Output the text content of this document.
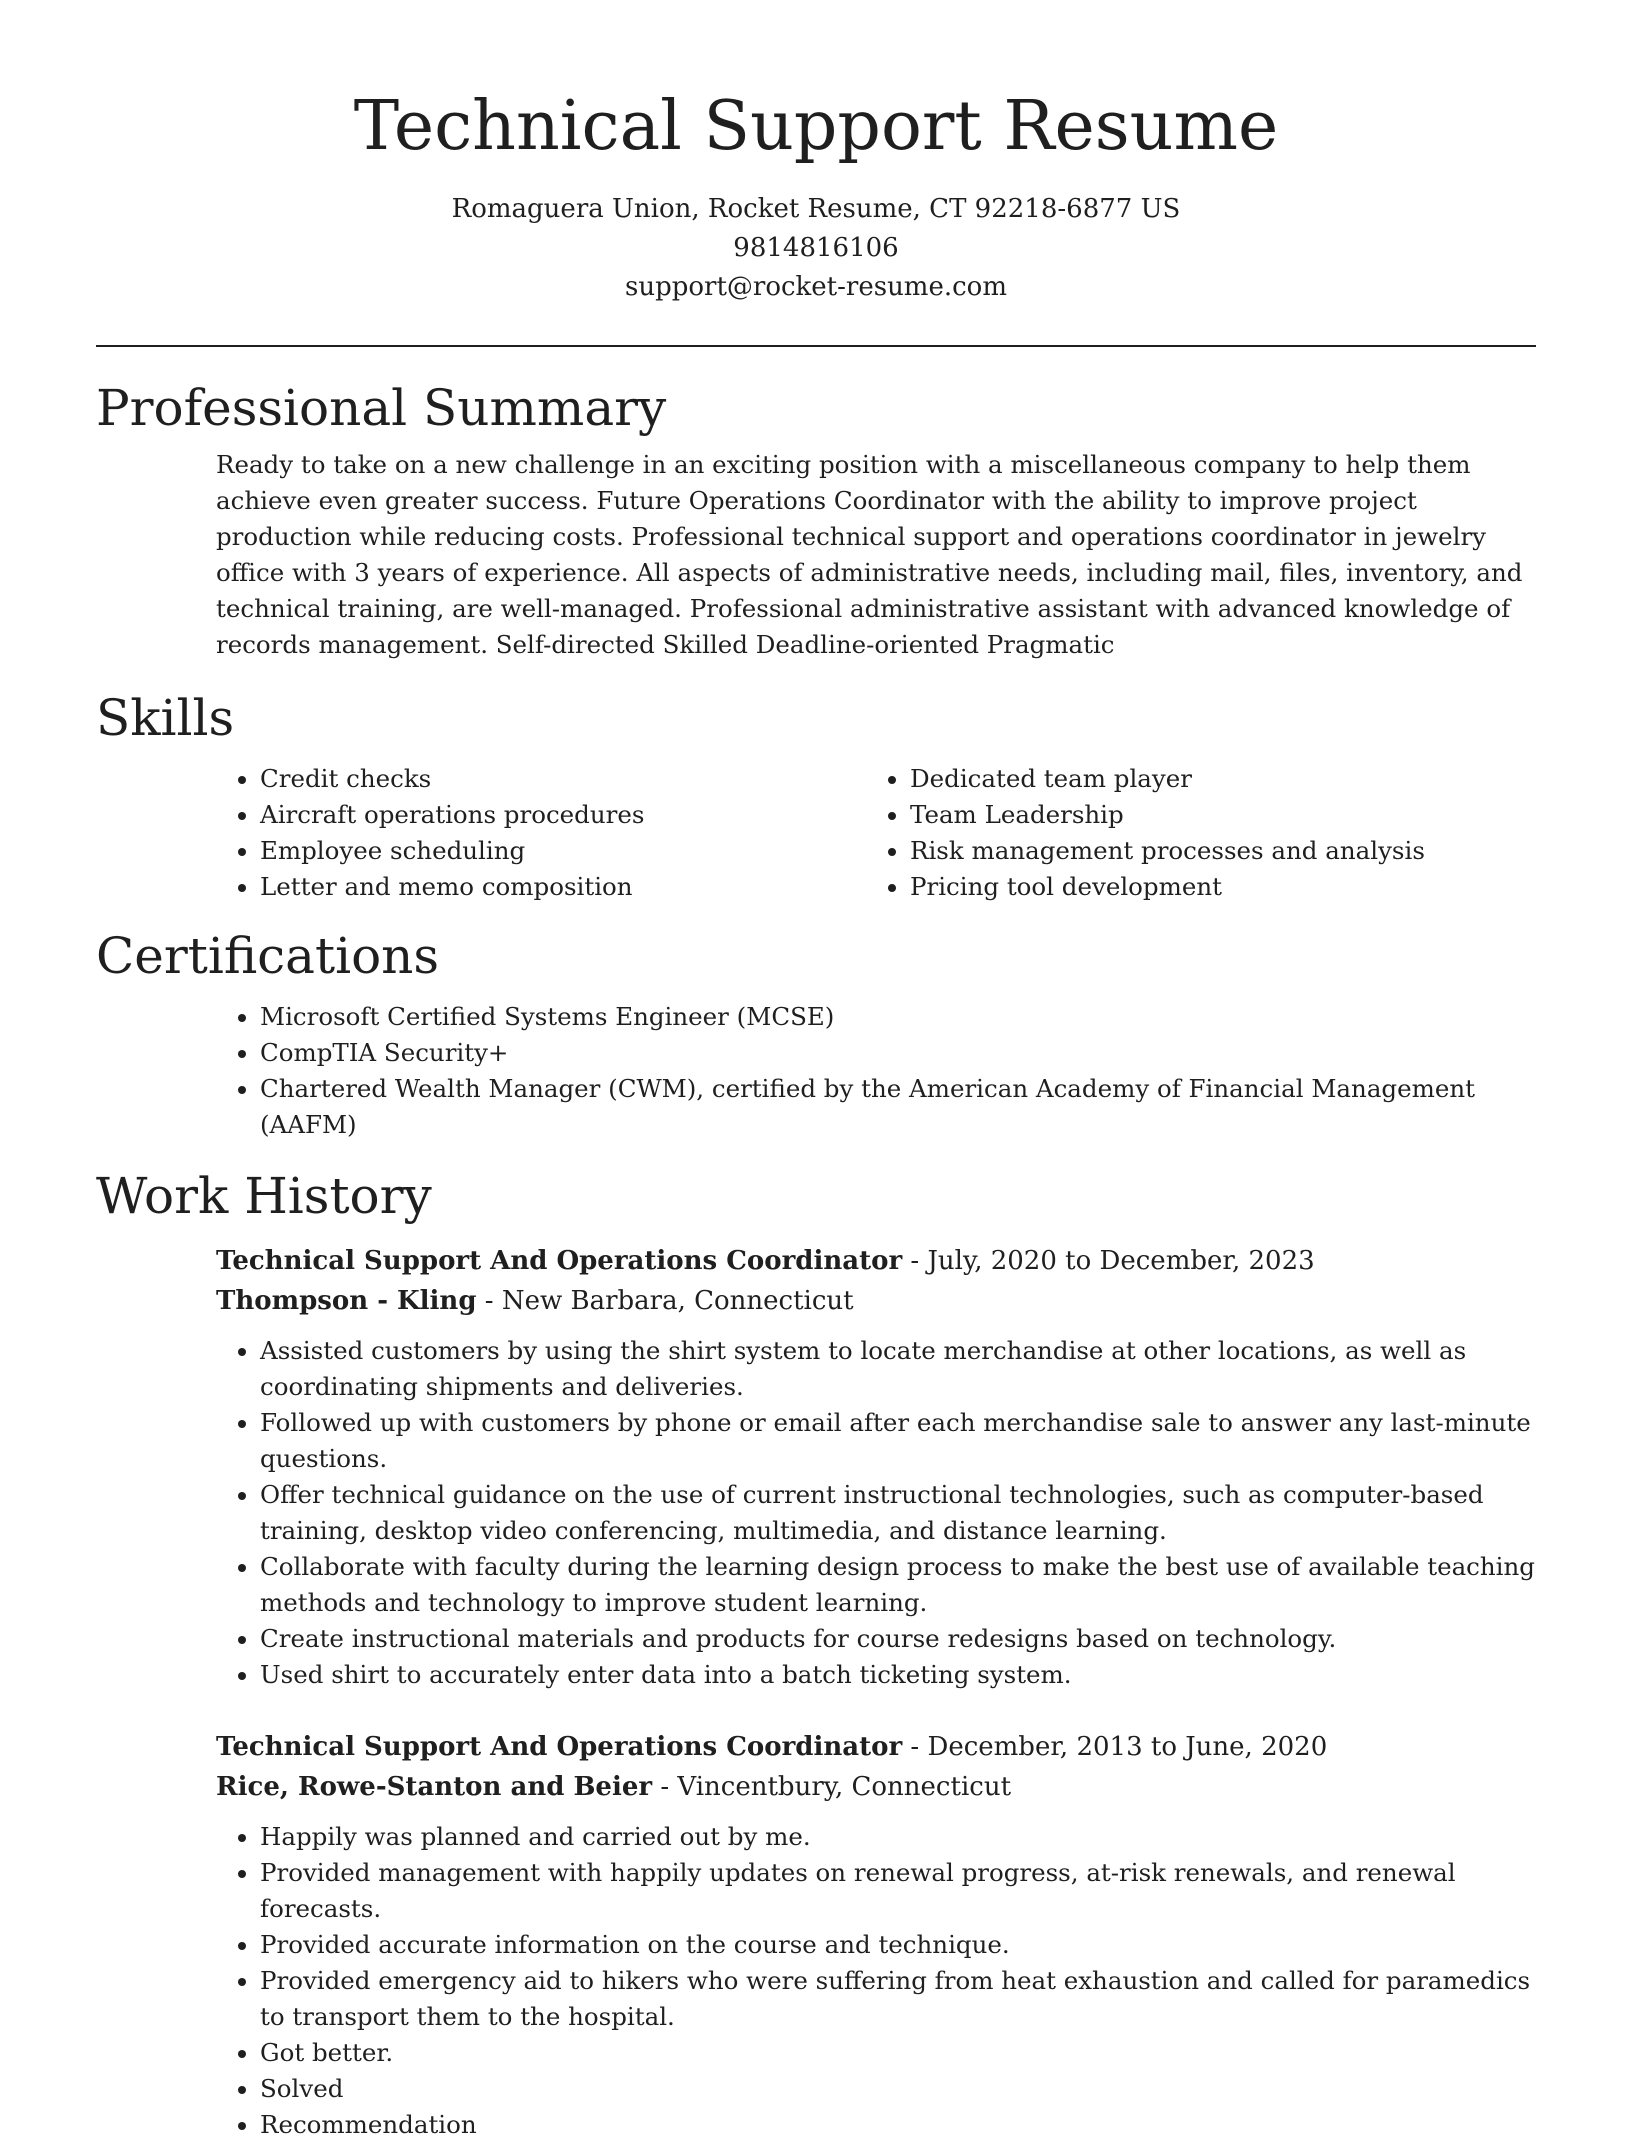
Technical Support Resume
Romaguera Union, Rocket Resume, CT 92218-6877 US
9814816106
support@rocket-resume.com
Professional Summary

Ready to take on a new challenge in an exciting position with a miscellaneous company to help them achieve even greater success. Future Operations Coordinator with the ability to improve project production while reducing costs. Professional technical support and operations coordinator in jewelry office with 3 years of experience. All aspects of administrative needs, including mail, files, inventory, and technical training, are well-managed. Professional administrative assistant with advanced knowledge of records management. Self-directed Skilled Deadline-oriented Pragmatic

Skills
• Credit checks
• Aircraft operations procedures
• Employee scheduling
• Letter and memo composition
• Dedicated team player
• Team Leadership
• Risk management processes and analysis
• Pricing tool development
Certifications
• Microsoft Certified Systems Engineer (MCSE)
• CompTIA Security+
• Chartered Wealth Manager (CWM), certified by the American Academy of Financial Management (AAFM)
Work History
Technical Support And Operations Coordinator - July, 2020 to December, 2023
Thompson - Kling - New Barbara, Connecticut
• Assisted customers by using the shirt system to locate merchandise at other locations, as well as coordinating shipments and deliveries.
• Followed up with customers by phone or email after each merchandise sale to answer any last-minute questions.
• Offer technical guidance on the use of current instructional technologies, such as computer-based training, desktop video conferencing, multimedia, and distance learning.
• Collaborate with faculty during the learning design process to make the best use of available teaching methods and technology to improve student learning.
• Create instructional materials and products for course redesigns based on technology.
• Used shirt to accurately enter data into a batch ticketing system.
Technical Support And Operations Coordinator - December, 2013 to June, 2020
Rice, Rowe-Stanton and Beier - Vincentbury, Connecticut
• Happily was planned and carried out by me.
• Provided management with happily updates on renewal progress, at-risk renewals, and renewal forecasts.
• Provided accurate information on the course and technique.
• Provided emergency aid to hikers who were suffering from heat exhaustion and called for paramedics to transport them to the hospital.
• Got better.
• Solved
• Recommendation
